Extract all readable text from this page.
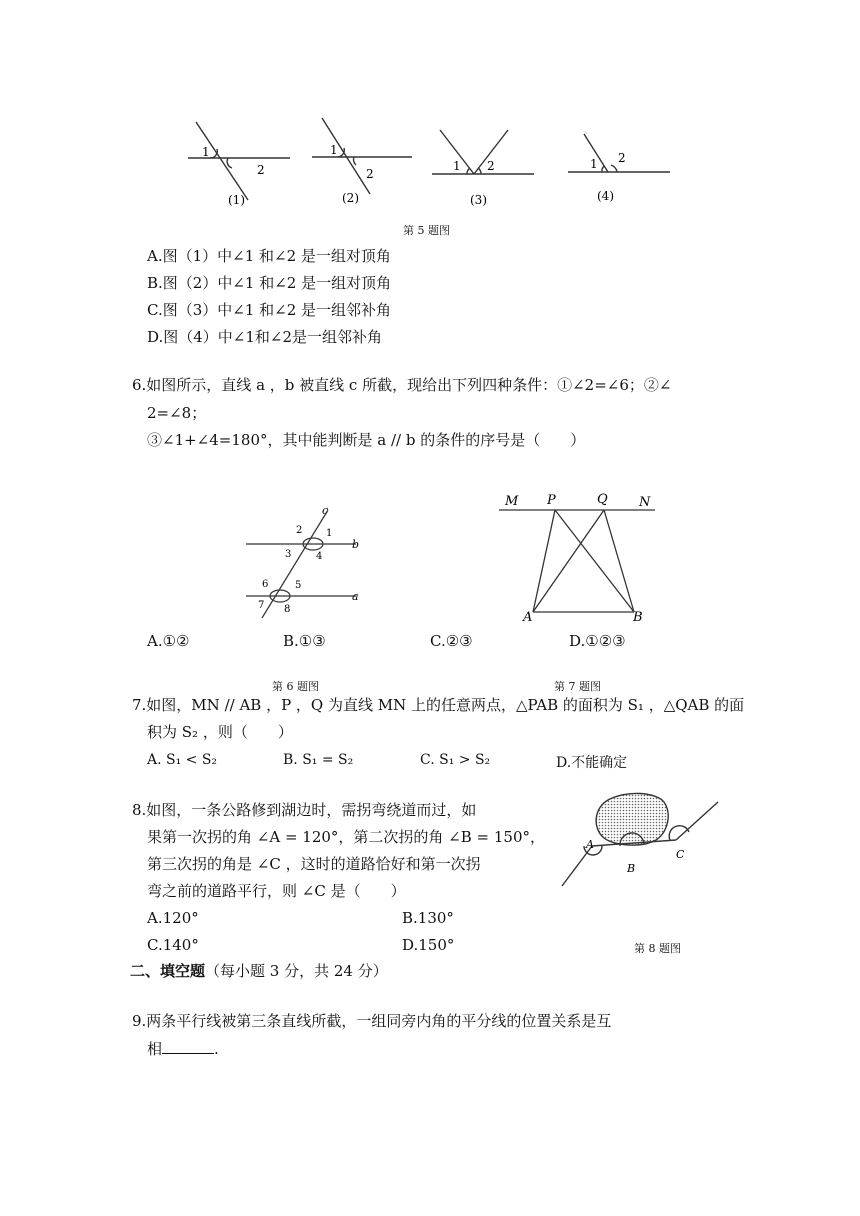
1
2
(1)
1
2
(2)
1 2
(3)
1 2
(4)
第 5 题图
A.图（1）中∠1 和∠2 是一组对顶角
B.图（2）中∠1 和∠2 是一组对顶角
C.图（3）中∠1 和∠2 是一组邻补角
D.图（4）中∠1和∠2是一组邻补角
6.如图所示，直线 a ，b 被直线 c 所截，现给出下列四种条件：①∠2=∠6；②∠
2=∠8；
③∠1+∠4=180°，其中能判断是 a // b 的条件的序号是（　　）
c
b
a
2 1
3 4
6	5
7 8
M P	Q N
A	B
A.①②	B.①③	C.②③	D.①②③
第 6 题图	第 7 题图
7.如图，MN // AB ，P ，Q 为直线 MN 上的任意两点，△PAB 的面积为 S₁ ，△QAB 的面
积为 S₂ ，则（　　）
A. S₁ < S₂	B. S₁ = S₂	C. S₁ > S₂	D.不能确定
8.如图，一条公路修到湖边时，需拐弯绕道而过，如
果第一次拐的角 ∠A = 120°，第二次拐的角 ∠B = 150°，
第三次拐的角是 ∠C ，这时的道路恰好和第一次拐
弯之前的道路平行，则 ∠C 是（　　）
A.120°	B.130°
C.140°	D.150°
A
B
C
第 8 题图
二、填空题（每小题 3 分，共 24 分）
9.两条平行线被第三条直线所截，一组同旁内角的平分线的位置关系是互
相	.
